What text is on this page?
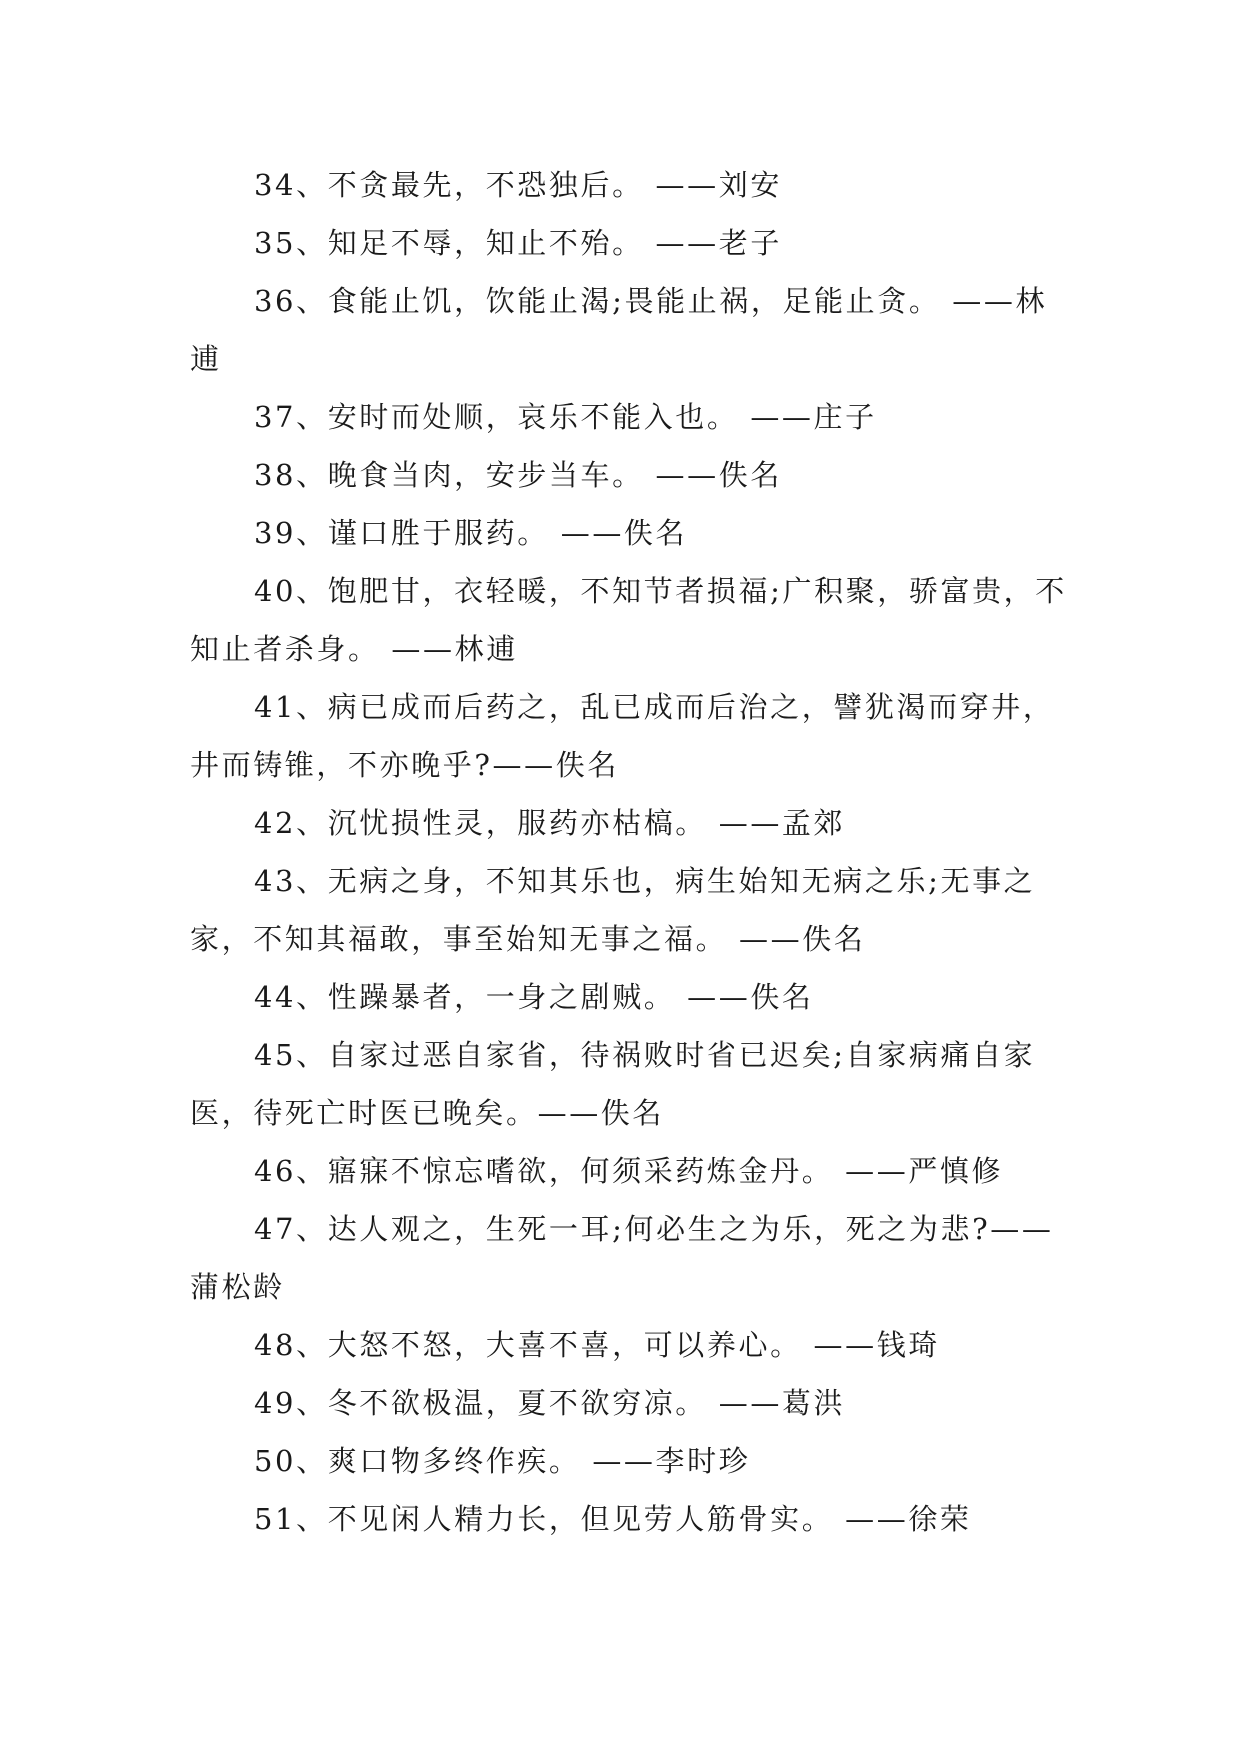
34、不贪最先，不恐独后。 ——刘安

35、知足不辱，知止不殆。 ——老子

36、食能止饥，饮能止渴;畏能止祸，足能止贪。 ——林逋

37、安时而处顺，哀乐不能入也。 ——庄子

38、晚食当肉，安步当车。 ——佚名

39、谨口胜于服药。 ——佚名

40、饱肥甘，衣轻暖，不知节者损福;广积聚，骄富贵，不知止者杀身。 ——林逋

41、病已成而后药之，乱已成而后治之，譬犹渴而穿井，井而铸锥，不亦晚乎?——佚名

42、沉忧损性灵，服药亦枯槁。 ——孟郊

43、无病之身，不知其乐也，病生始知无病之乐;无事之家，不知其福敢，事至始知无事之福。 ——佚名

44、性躁暴者，一身之剧贼。 ——佚名

45、自家过恶自家省，待祸败时省已迟矣;自家病痛自家医，待死亡时医已晚矣。——佚名

46、寤寐不惊忘嗜欲，何须采药炼金丹。 ——严慎修

47、达人观之，生死一耳;何必生之为乐，死之为悲?——蒲松龄

48、大怒不怒，大喜不喜，可以养心。 ——钱琦

49、冬不欲极温，夏不欲穷凉。 ——葛洪

50、爽口物多终作疾。 ——李时珍

51、不见闲人精力长，但见劳人筋骨实。 ——徐荣
